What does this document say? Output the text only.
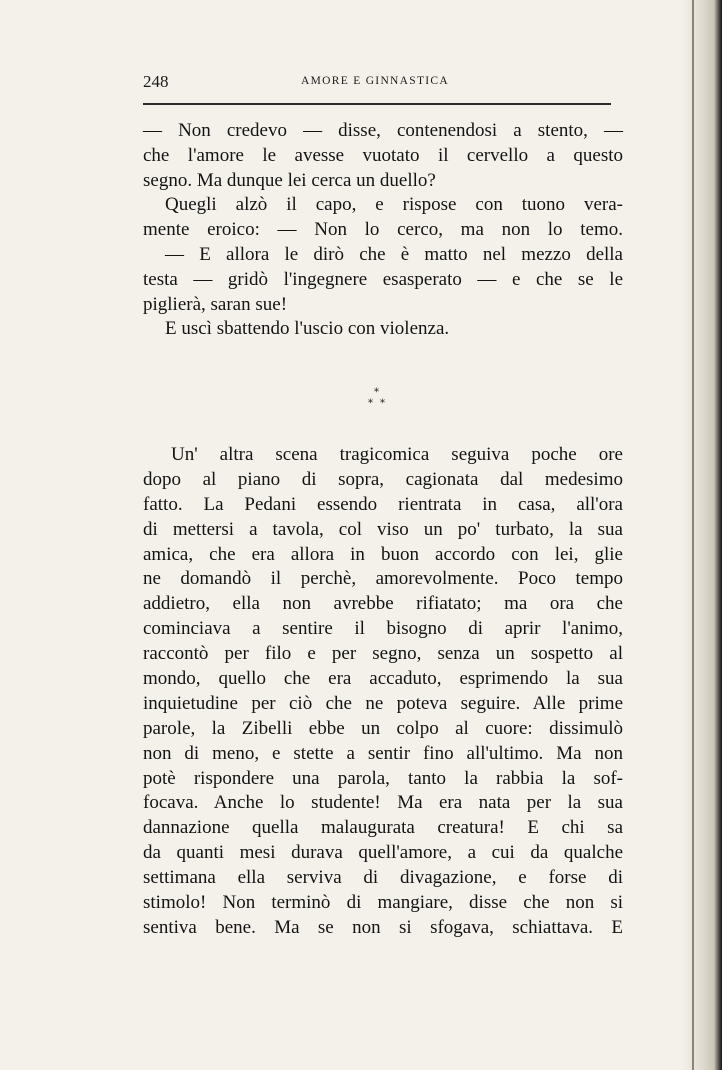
248	AMORE E GINNASTICA
— Non credevo — disse, contenendosi a stento, —
che l'amore le avesse vuotato il cervello a questo
segno. Ma dunque lei cerca un duello?
Quegli alzò il capo, e rispose con tuono vera-
mente eroico: — Non lo cerco, ma non lo temo.
— E allora le dirò che è matto nel mezzo della
testa — gridò l'ingegnere esasperato — e che se le
piglierà, saran sue!
E uscì sbattendo l'uscio con violenza.
*
* *
Un' altra scena tragicomica seguiva poche ore
dopo al piano di sopra, cagionata dal medesimo
fatto. La Pedani essendo rientrata in casa, all'ora
di mettersi a tavola, col viso un po' turbato, la sua
amica, che era allora in buon accordo con lei, glie
ne domandò il perchè, amorevolmente. Poco tempo
addietro, ella non avrebbe rifiatato; ma ora che
cominciava a sentire il bisogno di aprir l'animo,
raccontò per filo e per segno, senza un sospetto al
mondo, quello che era accaduto, esprimendo la sua
inquietudine per ciò che ne poteva seguire. Alle prime
parole, la Zibelli ebbe un colpo al cuore: dissimulò
non di meno, e stette a sentir fino all'ultimo. Ma non
potè rispondere una parola, tanto la rabbia la sof-
focava. Anche lo studente! Ma era nata per la sua
dannazione quella malaugurata creatura! E chi sa
da quanti mesi durava quell'amore, a cui da qualche
settimana ella serviva di divagazione, e forse di
stimolo! Non terminò di mangiare, disse che non si
sentiva bene. Ma se non si sfogava, schiattava. E
